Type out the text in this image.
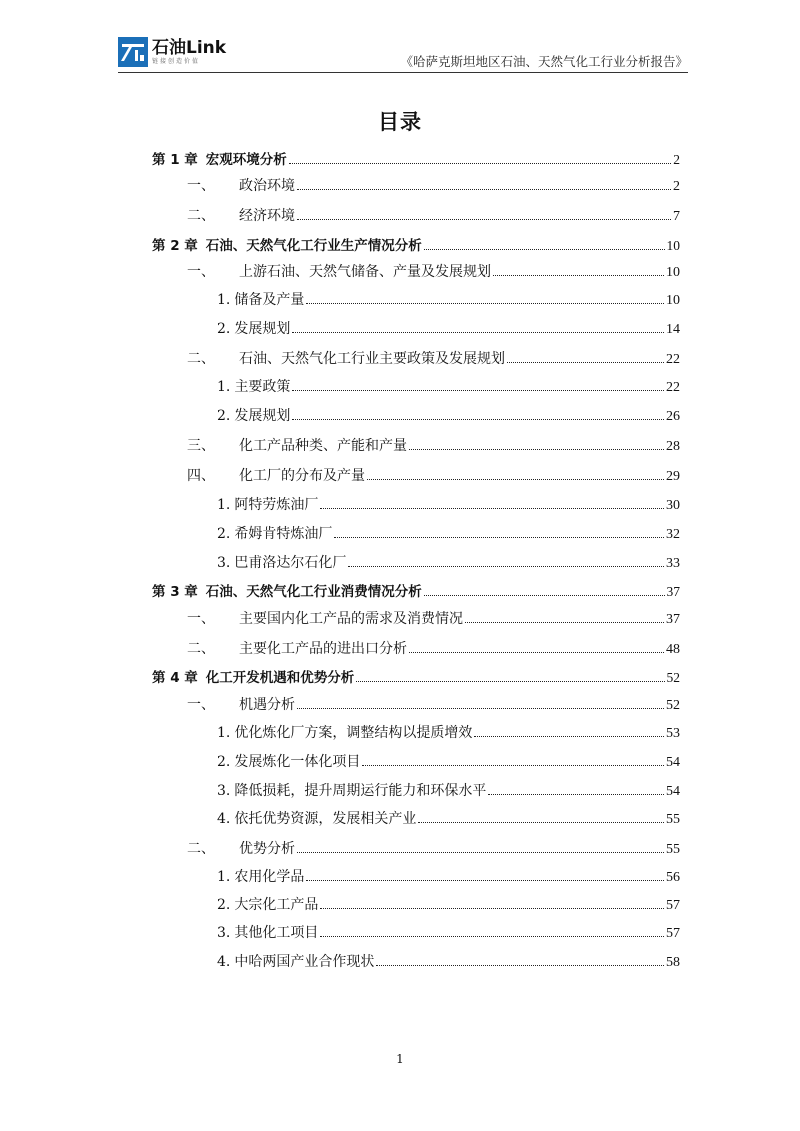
石油Link
链接创造价值	《哈萨克斯坦地区石油、天然气化工行业分析报告》
目录
第 1 章 宏观环境分析	2
一、 政治环境	2
二、 经济环境	7
第 2 章 石油、天然气化工行业生产情况分析	10
一、 上游石油、天然气储备、产量及发展规划	10
1. 储备及产量	10
2. 发展规划	14
二、 石油、天然气化工行业主要政策及发展规划	22
1. 主要政策	22
2. 发展规划	26
三、 化工产品种类、产能和产量	28
四、 化工厂的分布及产量	29
1. 阿特劳炼油厂	30
2. 希姆肯特炼油厂	32
3. 巴甫洛达尔石化厂	33
第 3 章 石油、天然气化工行业消费情况分析	37
一、 主要国内化工产品的需求及消费情况	37
二、 主要化工产品的进出口分析	48
第 4 章 化工开发机遇和优势分析	52
一、 机遇分析	52
1. 优化炼化厂方案，调整结构以提质增效	53
2. 发展炼化一体化项目	54
3. 降低损耗，提升周期运行能力和环保水平	54
4. 依托优势资源，发展相关产业	55
二、 优势分析	55
1. 农用化学品	56
2. 大宗化工产品	57
3. 其他化工项目	57
4. 中哈两国产业合作现状	58
1
